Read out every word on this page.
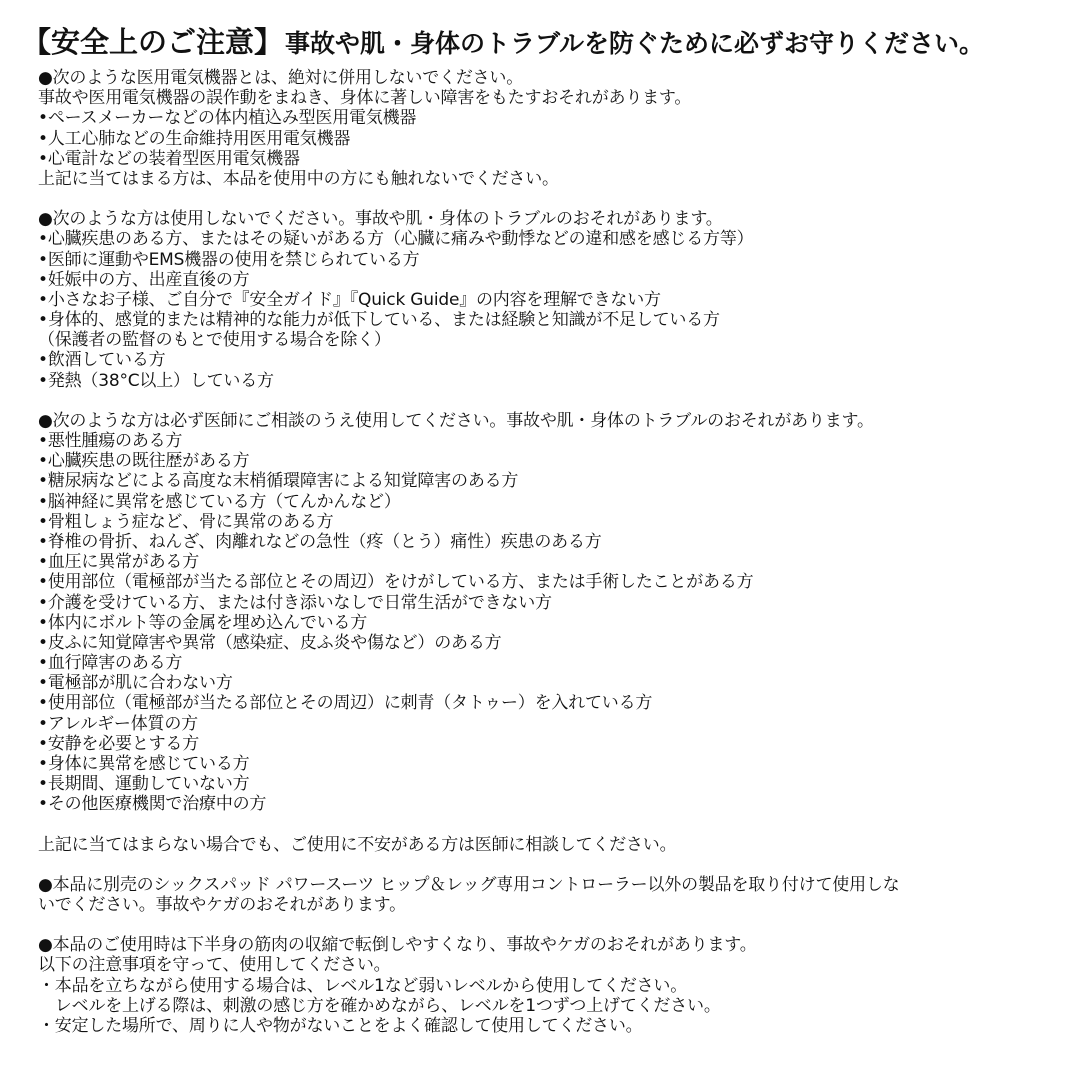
【安全上のご注意】事故や肌・身体のトラブルを防ぐために必ずお守りください。
●次のような医用電気機器とは、絶対に併用しないでください。
事故や医用電気機器の誤作動をまねき、身体に著しい障害をもたすおそれがあります。
•ペースメーカーなどの体内植込み型医用電気機器
•人工心肺などの生命維持用医用電気機器
•心電計などの装着型医用電気機器
上記に当てはまる方は、本品を使用中の方にも触れないでください。
●次のような方は使用しないでください。事故や肌・身体のトラブルのおそれがあります。
•心臓疾患のある方、またはその疑いがある方（心臓に痛みや動悸などの違和感を感じる方等）
•医師に運動やEMS機器の使用を禁じられている方
•妊娠中の方、出産直後の方
•小さなお子様、ご自分で『安全ガイド』『Quick Guide』の内容を理解できない方
•身体的、感覚的または精神的な能力が低下している、または経験と知識が不足している方
（保護者の監督のもとで使用する場合を除く）
•飲酒している方
•発熱（38°C以上）している方
●次のような方は必ず医師にご相談のうえ使用してください。事故や肌・身体のトラブルのおそれがあります。
•悪性腫瘍のある方
•心臓疾患の既往歴がある方
•糖尿病などによる高度な末梢循環障害による知覚障害のある方
•脳神経に異常を感じている方（てんかんなど）
•骨粗しょう症など、骨に異常のある方
•脊椎の骨折、ねんざ、肉離れなどの急性（疼（とう）痛性）疾患のある方
•血圧に異常がある方
•使用部位（電極部が当たる部位とその周辺）をけがしている方、または手術したことがある方
•介護を受けている方、または付き添いなしで日常生活ができない方
•体内にボルト等の金属を埋め込んでいる方
•皮ふに知覚障害や異常（感染症、皮ふ炎や傷など）のある方
•血行障害のある方
•電極部が肌に合わない方
•使用部位（電極部が当たる部位とその周辺）に刺青（タトゥー）を入れている方
•アレルギー体質の方
•安静を必要とする方
•身体に異常を感じている方
•長期間、運動していない方
•その他医療機関で治療中の方
上記に当てはまらない場合でも、ご使用に不安がある方は医師に相談してください。
●本品に別売のシックスパッド パワースーツ ヒップ＆レッグ専用コントローラー以外の製品を取り付けて使用しな
いでください。事故やケガのおそれがあります。
●本品のご使用時は下半身の筋肉の収縮で転倒しやすくなり、事故やケガのおそれがあります。
以下の注意事項を守って、使用してください。
・本品を立ちながら使用する場合は、レベル1など弱いレベルから使用してください。
　レベルを上げる際は、刺激の感じ方を確かめながら、レベルを1つずつ上げてください。
・安定した場所で、周りに人や物がないことをよく確認して使用してください。
